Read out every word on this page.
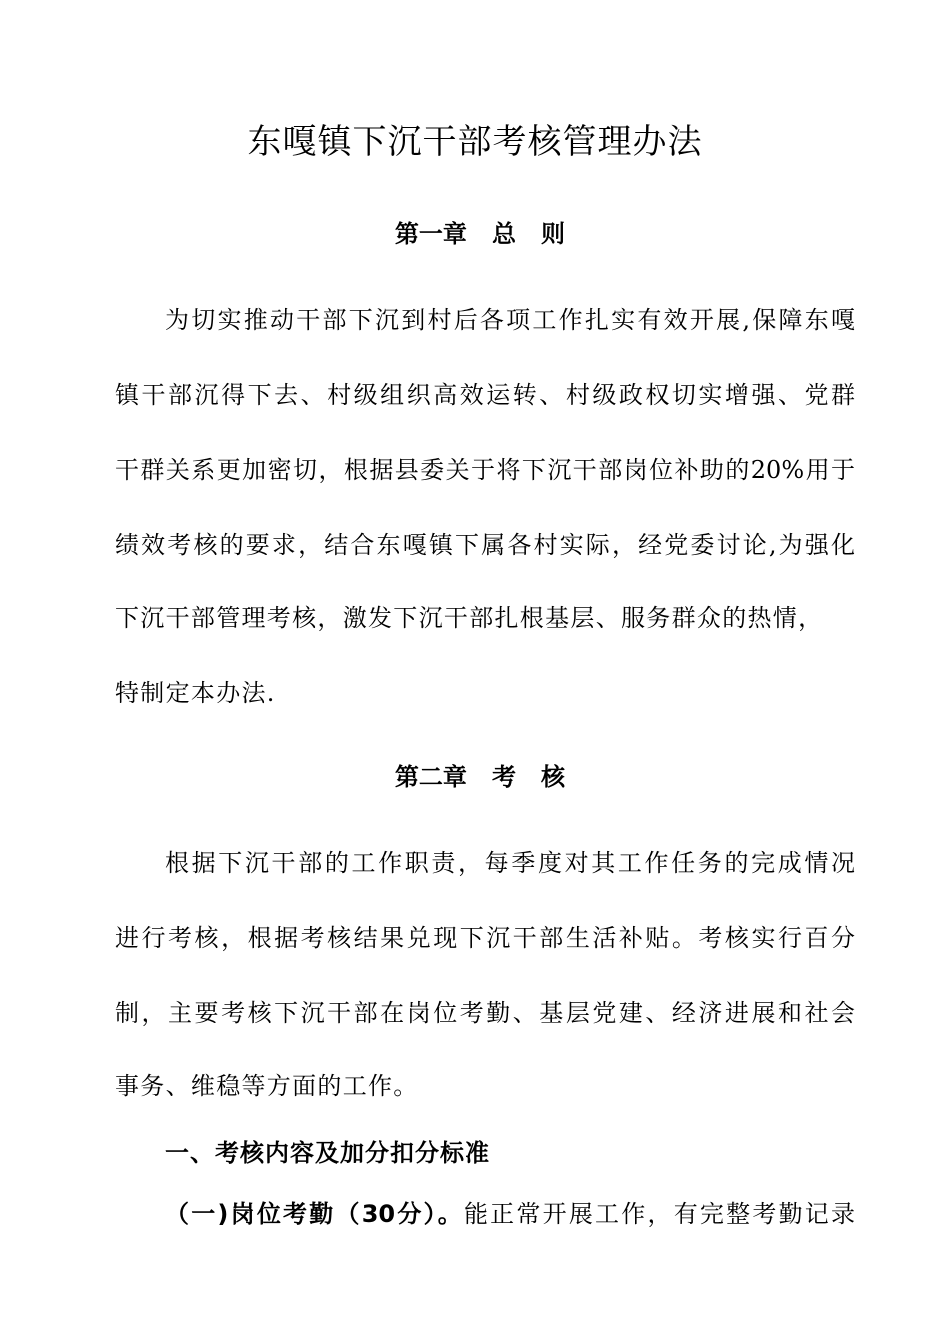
东嘎镇下沉干部考核管理办法
第一章   总   则

为切实推动干部下沉到村后各项工作扎实有效开展,保障东嘎

镇干部沉得下去、村级组织高效运转、村级政权切实增强、党群

干群关系更加密切，根据县委关于将下沉干部岗位补助的20%用于

绩效考核的要求，结合东嘎镇下属各村实际，经党委讨论,为强化

下沉干部管理考核，激发下沉干部扎根基层、服务群众的热情，

特制定本办法.

第二章   考   核

根据下沉干部的工作职责，每季度对其工作任务的完成情况

进行考核，根据考核结果兑现下沉干部生活补贴。考核实行百分

制，主要考核下沉干部在岗位考勤、基层党建、经济进展和社会

事务、维稳等方面的工作。

一、考核内容及加分扣分标准

（一)岗位考勤（30分）。能正常开展工作，有完整考勤记录
